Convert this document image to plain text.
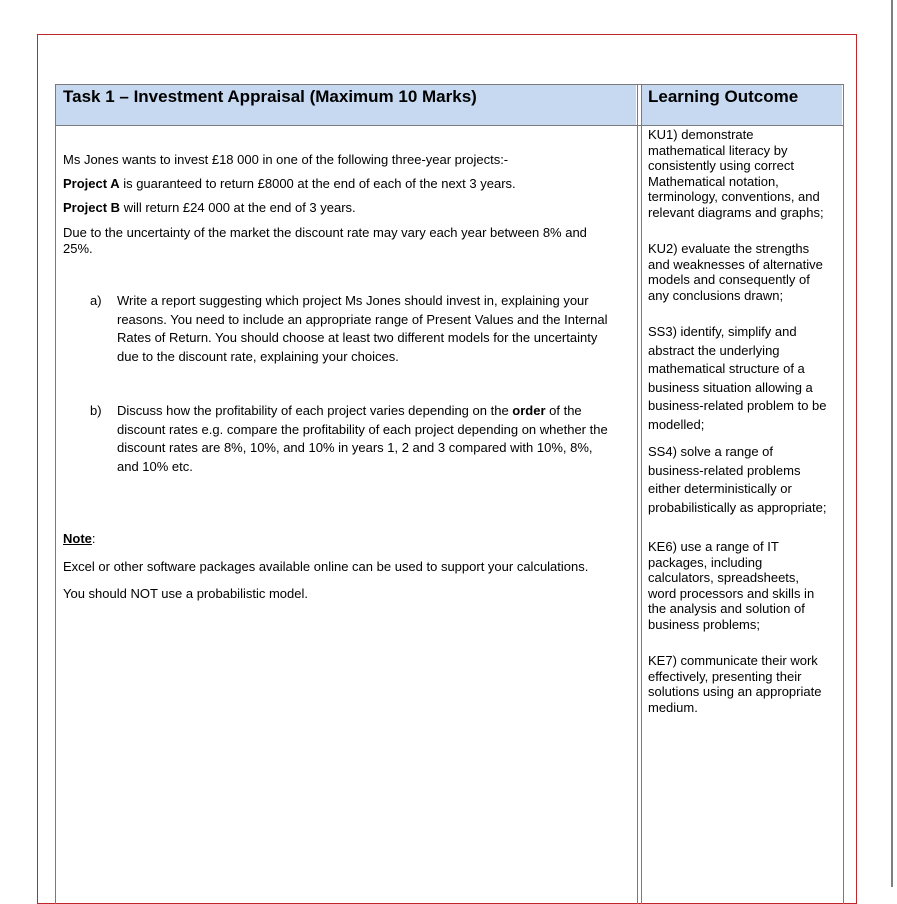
Task 1 – Investment Appraisal (Maximum 10 Marks)	Learning Outcome
Ms Jones wants to invest £18 000 in one of the following three-year projects:-
Project A is guaranteed to return £8000 at the end of each of the next 3 years.
Project B will return £24 000 at the end of 3 years.
Due to the uncertainty of the market the discount rate may vary each year between 8% and
25%.
a) Write a report suggesting which project Ms Jones should invest in, explaining your
reasons. You need to include an appropriate range of Present Values and the Internal
Rates of Return. You should choose at least two different models for the uncertainty
due to the discount rate, explaining your choices.
b) Discuss how the profitability of each project varies depending on the order of the
discount rates e.g. compare the profitability of each project depending on whether the
discount rates are 8%, 10%, and 10% in years 1, 2 and 3 compared with 10%, 8%,
and 10% etc.
Note:
Excel or other software packages available online can be used to support your calculations.
You should NOT use a probabilistic model.
KU1) demonstrate
mathematical literacy by
consistently using correct
Mathematical notation,
terminology, conventions, and
relevant diagrams and graphs;
KU2) evaluate the strengths
and weaknesses of alternative
models and consequently of
any conclusions drawn;
SS3) identify, simplify and
abstract the underlying
mathematical structure of a
business situation allowing a
business-related problem to be
modelled;
SS4) solve a range of
business-related problems
either deterministically or
probabilistically as appropriate;
KE6) use a range of IT
packages, including
calculators, spreadsheets,
word processors and skills in
the analysis and solution of
business problems;
KE7) communicate their work
effectively, presenting their
solutions using an appropriate
medium.
